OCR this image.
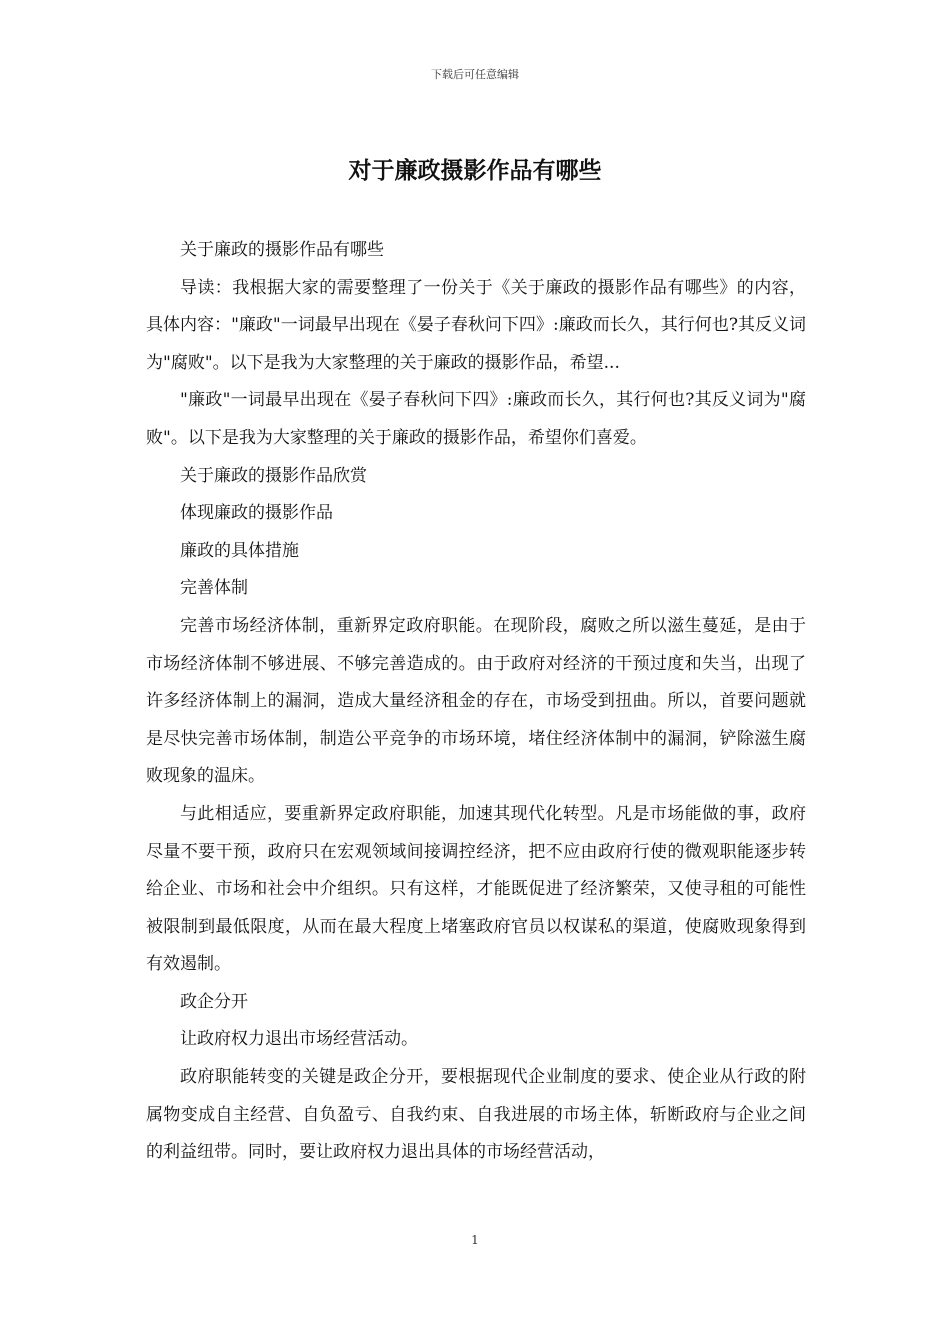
下载后可任意编辑
对于廉政摄影作品有哪些

关于廉政的摄影作品有哪些

导读：我根据大家的需要整理了一份关于《关于廉政的摄影作品有哪些》的内容，具体内容："廉政"一词最早出现在《晏子春秋问下四》:廉政而长久，其行何也?其反义词为"腐败"。以下是我为大家整理的关于廉政的摄影作品，希望...

"廉政"一词最早出现在《晏子春秋问下四》:廉政而长久，其行何也?其反义词为"腐败"。以下是我为大家整理的关于廉政的摄影作品，希望你们喜爱。

关于廉政的摄影作品欣赏

体现廉政的摄影作品

廉政的具体措施

完善体制

完善市场经济体制，重新界定政府职能。在现阶段，腐败之所以滋生蔓延，是由于市场经济体制不够进展、不够完善造成的。由于政府对经济的干预过度和失当，出现了许多经济体制上的漏洞，造成大量经济租金的存在，市场受到扭曲。所以，首要问题就是尽快完善市场体制，制造公平竞争的市场环境，堵住经济体制中的漏洞，铲除滋生腐败现象的温床。

与此相适应，要重新界定政府职能，加速其现代化转型。凡是市场能做的事，政府尽量不要干预，政府只在宏观领域间接调控经济，把不应由政府行使的微观职能逐步转给企业、市场和社会中介组织。只有这样，才能既促进了经济繁荣，又使寻租的可能性被限制到最低限度，从而在最大程度上堵塞政府官员以权谋私的渠道，使腐败现象得到有效遏制。

政企分开

让政府权力退出市场经营活动。

政府职能转变的关键是政企分开，要根据现代企业制度的要求、使企业从行政的附属物变成自主经营、自负盈亏、自我约束、自我进展的市场主体，斩断政府与企业之间的利益纽带。同时，要让政府权力退出具体的市场经营活动，

1
